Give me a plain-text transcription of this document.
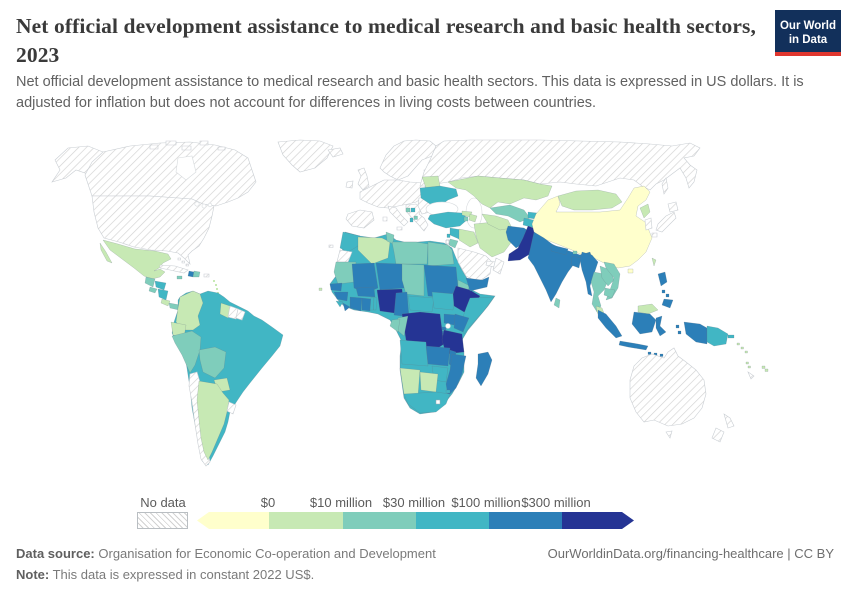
Net official development assistance to medical research and basic health sectors, 2023
Our World
in Data

Net official development assistance to medical research and basic health sectors. This data is expressed in US dollars. It is adjusted for inflation but does not account for differences in living costs between countries.

No data	$0	$10 million $30 million $100 million $300 million
Data source: Organisation for Economic Co-operation and Development	OurWorldinData.org/financing-healthcare | CC BY
Note: This data is expressed in constant 2022 US$.
